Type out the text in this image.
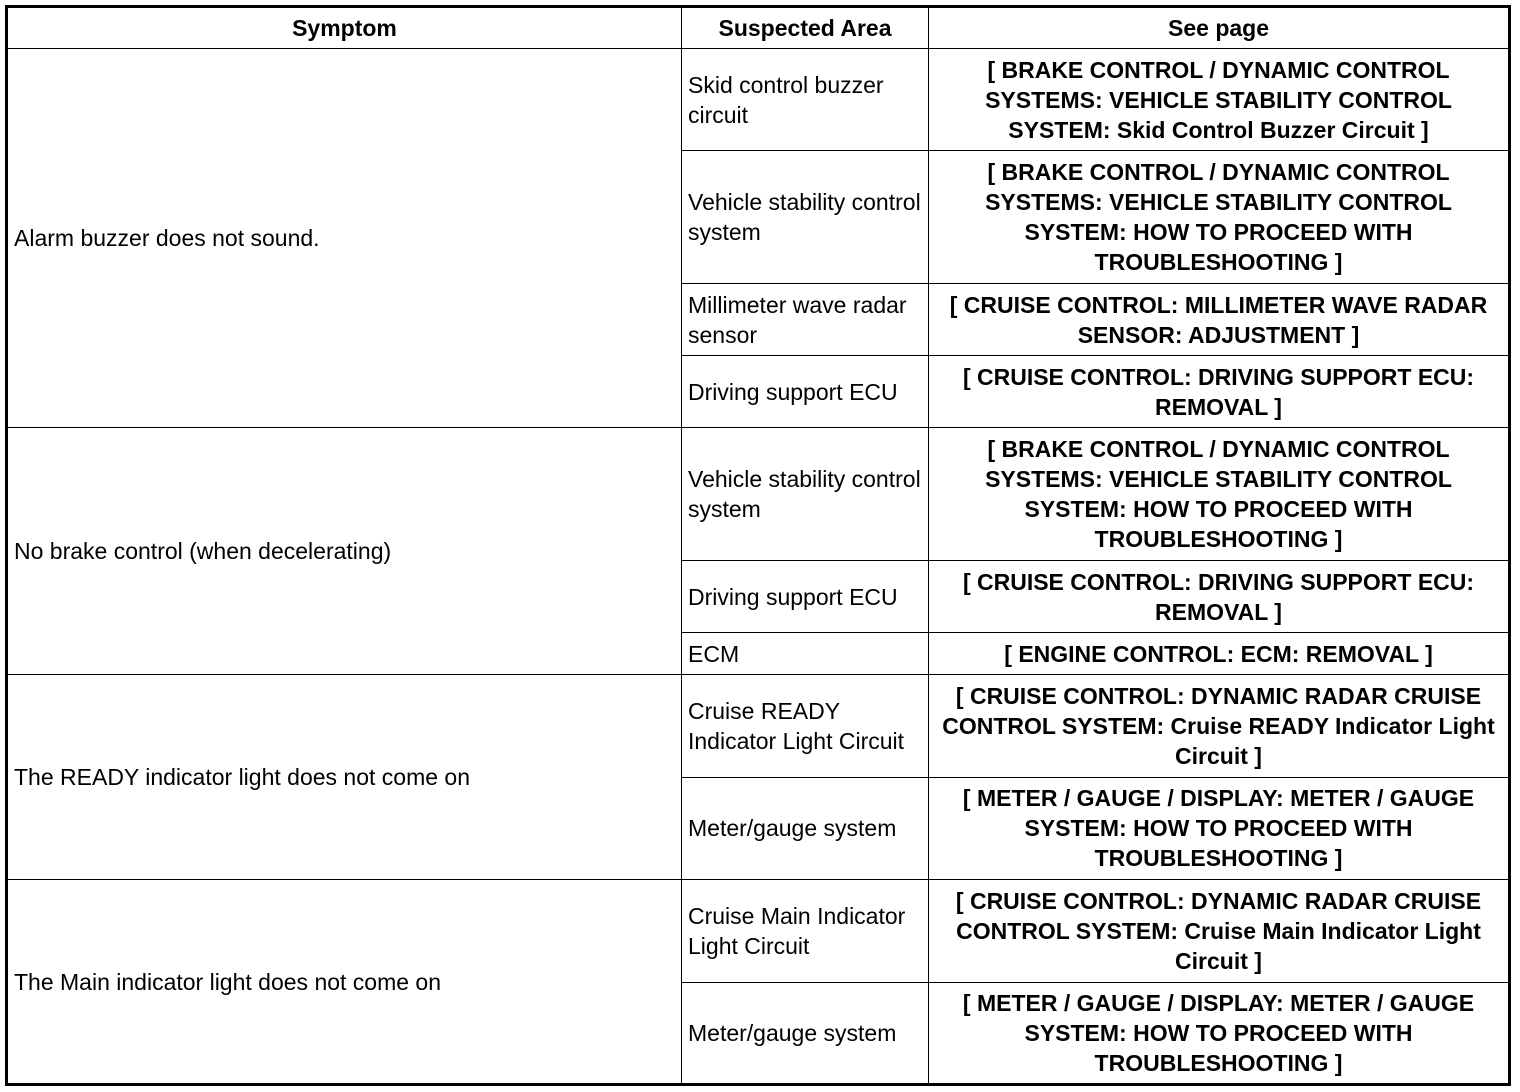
Symptom	Suspected Area	See page
Alarm buzzer does not sound.	Skid control buzzer circuit	[ BRAKE CONTROL / DYNAMIC CONTROL SYSTEMS: VEHICLE STABILITY CONTROL SYSTEM: Skid Control Buzzer Circuit ]
	Vehicle stability control system	[ BRAKE CONTROL / DYNAMIC CONTROL SYSTEMS: VEHICLE STABILITY CONTROL SYSTEM: HOW TO PROCEED WITH TROUBLESHOOTING ]
	Millimeter wave radar sensor	[ CRUISE CONTROL: MILLIMETER WAVE RADAR SENSOR: ADJUSTMENT ]
	Driving support ECU	[ CRUISE CONTROL: DRIVING SUPPORT ECU: REMOVAL ]
No brake control (when decelerating)	Vehicle stability control system	[ BRAKE CONTROL / DYNAMIC CONTROL SYSTEMS: VEHICLE STABILITY CONTROL SYSTEM: HOW TO PROCEED WITH TROUBLESHOOTING ]
	Driving support ECU	[ CRUISE CONTROL: DRIVING SUPPORT ECU: REMOVAL ]
	ECM	[ ENGINE CONTROL: ECM: REMOVAL ]
The READY indicator light does not come on	Cruise READY Indicator Light Circuit	[ CRUISE CONTROL: DYNAMIC RADAR CRUISE CONTROL SYSTEM: Cruise READY Indicator Light Circuit ]
	Meter/gauge system	[ METER / GAUGE / DISPLAY: METER / GAUGE SYSTEM: HOW TO PROCEED WITH TROUBLESHOOTING ]
The Main indicator light does not come on	Cruise Main Indicator Light Circuit	[ CRUISE CONTROL: DYNAMIC RADAR CRUISE CONTROL SYSTEM: Cruise Main Indicator Light Circuit ]
	Meter/gauge system	[ METER / GAUGE / DISPLAY: METER / GAUGE SYSTEM: HOW TO PROCEED WITH TROUBLESHOOTING ]
